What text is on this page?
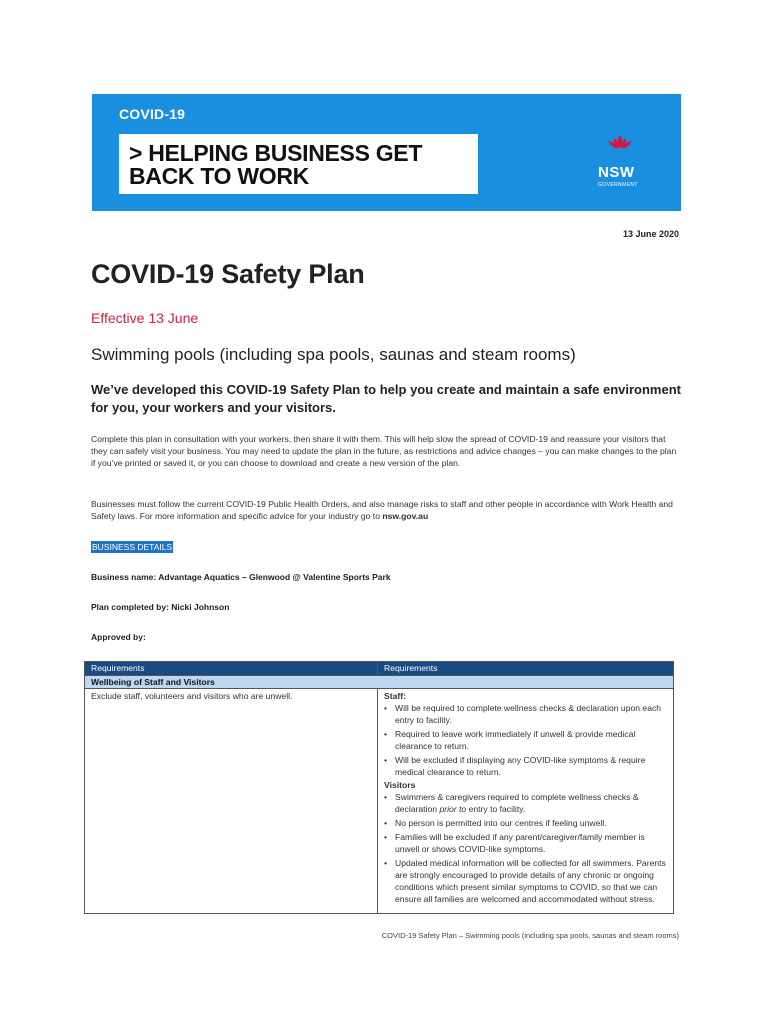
COVID-19
> HELPING BUSINESS GET
BACK TO WORK	NSW
GOVERNMENT
13 June 2020
COVID-19 Safety Plan
Effective 13 June
Swimming pools (including spa pools, saunas and steam rooms)
We’ve developed this COVID-19 Safety Plan to help you create and maintain a safe environment for you, your workers and your visitors.
Complete this plan in consultation with your workers, then share it with them. This will help slow the spread of COVID-19 and reassure your visitors that they can safely visit your business. You may need to update the plan in the future, as restrictions and advice changes – you can make changes to the plan if you’ve printed or saved it, or you can choose to download and create a new version of the plan.
Businesses must follow the current COVID-19 Public Health Orders, and also manage risks to staff and other people in accordance with Work Health and Safety laws. For more information and specific advice for your industry go to nsw.gov.au
BUSINESS DETAILS
Business name: Advantage Aquatics – Glenwood @ Valentine Sports Park
Plan completed by: Nicki Johnson
Approved by:
Requirements	Requirements
Wellbeing of Staff and Visitors
Exclude staff, volunteers and visitors who are unwell.	Staff:
• Will be required to complete wellness checks & declaration upon each entry to facility.
• Required to leave work immediately if unwell & provide medical clearance to return.
• Will be excluded if displaying any COVID-like symptoms & require medical clearance to return.
Visitors
• Swimmers & caregivers required to complete wellness checks & declaration prior to entry to facility.
• No person is permitted into our centres if feeling unwell.
• Families will be excluded if any parent/caregiver/family member is unwell or shows COVID-like symptoms.
• Updated medical information will be collected for all swimmers. Parents are strongly encouraged to provide details of any chronic or ongoing conditions which present similar symptoms to COVID, so that we can ensure all families are welcomed and accommodated without stress.
COVID-19 Safety Plan – Swimming pools (including spa pools, saunas and steam rooms)
